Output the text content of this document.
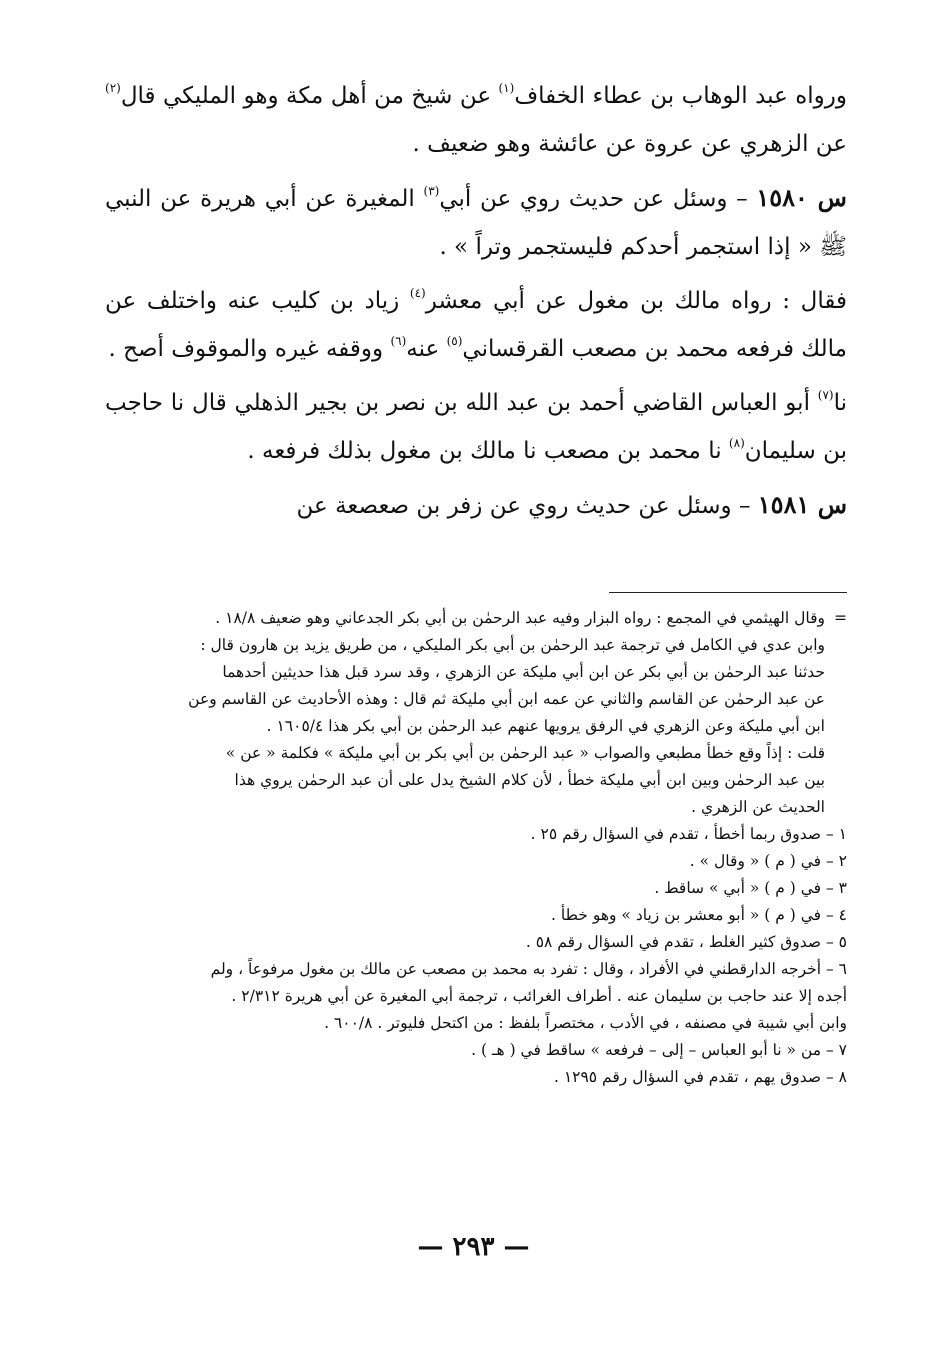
ورواه عبد الوهاب بن عطاء الخفاف$^{(١)}$ عن شيخ من أهل مكة وهو المليكي قال$^{(٢)}$ عن الزهري عن عروة عن عائشة وهو ضعيف .

س ١٥٨٠ – وسئل عن حديث روي عن أبي$^{(٣)}$ المغيرة عن أبي هريرة عن النبي ﷺ « إذا استجمر أحدكم فليستجمر وتراً » .

فقال : رواه مالك بن مغول عن أبي معشر$^{(٤)}$ زياد بن كليب عنه واختلف عن مالك فرفعه محمد بن مصعب القرقساني$^{(٥)}$ عنه$^{(٦)}$ ووقفه غيره والموقوف أصح .

نا$^{(٧)}$ أبو العباس القاضي أحمد بن عبد الله بن نصر بن بجير الذهلي قال نا حاجب بن سليمان$^{(٨)}$ نا محمد بن مصعب نا مالك بن مغول بذلك فرفعه .

س ١٥٨١ – وسئل عن حديث روي عن زفر بن صعصعة عن

=وقال الهيثمي في المجمع : رواه البزار وفيه عبد الرحمٰن بن أبي بكر الجدعاني وهو ضعيف ١٨/٨ .

وابن عدي في الكامل في ترجمة عبد الرحمٰن بن أبي بكر المليكي ، من طريق يزيد بن هارون قال :

حدثنا عبد الرحمٰن بن أبي بكر عن ابن أبي مليكة عن الزهري ، وقد سرد قبل هذا حديثين أحدهما

عن عبد الرحمٰن عن القاسم والثاني عن عمه ابن أبي مليكة ثم قال : وهذه الأحاديث عن القاسم وعن

ابن أبي مليكة وعن الزهري في الرفق يرويها عنهم عبد الرحمٰن بن أبي بكر هذا ١٦٠٥/٤ .

قلت : إذاً وقع خطأ مطبعي والصواب « عبد الرحمٰن بن أبي بكر بن أبي مليكة » فكلمة « عن »

بين عبد الرحمٰن وبين ابن أبي مليكة خطأ ، لأن كلام الشيخ يدل على أن عبد الرحمٰن يروي هذا

الحديث عن الزهري .

١ – صدوق ربما أخطأ ، تقدم في السؤال رقم ٢٥ .

٢ – في ( م ) « وقال » .

٣ – في ( م ) « أبي » ساقط .

٤ – في ( م ) « أبو معشر بن زياد » وهو خطأ .

٥ – صدوق كثير الغلط ، تقدم في السؤال رقم ٥٨ .

٦ – أخرجه الدارقطني في الأفراد ، وقال : تفرد به محمد بن مصعب عن مالك بن مغول مرفوعاً ، ولم

أجده إلا عند حاجب بن سليمان عنه . أطراف الغرائب ، ترجمة أبي المغيرة عن أبي هريرة ٢/٣١٢ .

وابن أبي شيبة في مصنفه ، في الأدب ، مختصراً بلفظ : من اكتحل فليوتر . ٦٠٠/٨ .

٧ – من « نا أبو العباس – إلى – فرفعه » ساقط في ( هـ ) .

٨ – صدوق يهم ، تقدم في السؤال رقم ١٢٩٥ .

— ٢٩٣ —
